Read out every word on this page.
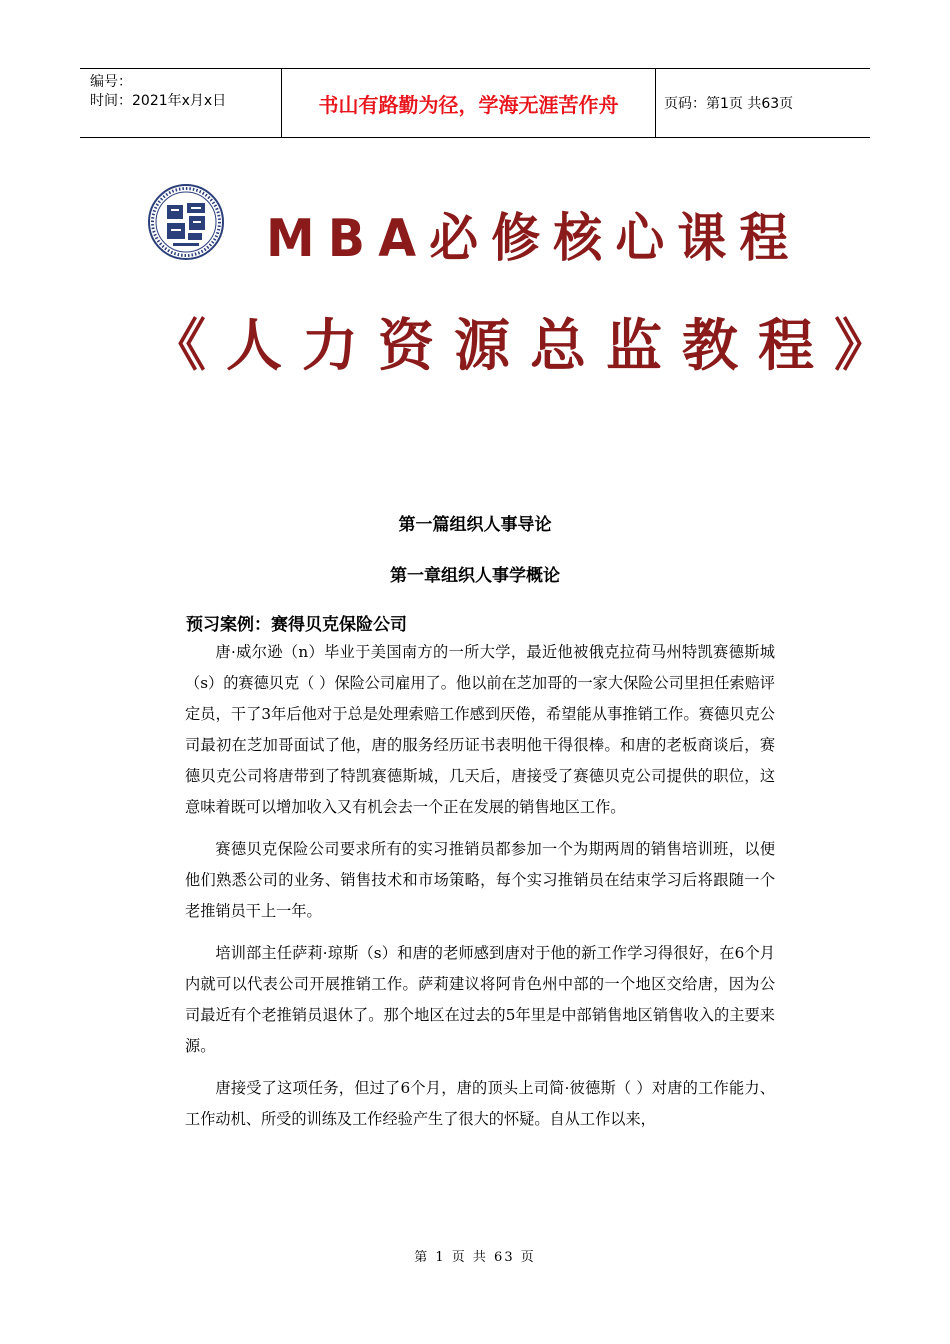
编号：
时间：2021年x月x日	书山有路勤为径，学海无涯苦作舟	页码：第1页 共63页
MBA必修核心课程
《人力资源总监教程》
第一篇组织人事导论
第一章组织人事学概论
预习案例：赛得贝克保险公司

唐·威尔逊（n）毕业于美国南方的一所大学，最近他被俄克拉荷马州特凯赛德斯城（s）的赛德贝克（ ）保险公司雇用了。他以前在芝加哥的一家大保险公司里担任索赔评定员，干了3年后他对于总是处理索赔工作感到厌倦，希望能从事推销工作。赛德贝克公司最初在芝加哥面试了他，唐的服务经历证书表明他干得很棒。和唐的老板商谈后，赛德贝克公司将唐带到了特凯赛德斯城，几天后，唐接受了赛德贝克公司提供的职位，这意味着既可以增加收入又有机会去一个正在发展的销售地区工作。

赛德贝克保险公司要求所有的实习推销员都参加一个为期两周的销售培训班，以便他们熟悉公司的业务、销售技术和市场策略，每个实习推销员在结束学习后将跟随一个老推销员干上一年。

培训部主任萨莉·琼斯（s）和唐的老师感到唐对于他的新工作学习得很好，在6个月内就可以代表公司开展推销工作。萨莉建议将阿肯色州中部的一个地区交给唐，因为公司最近有个老推销员退休了。那个地区在过去的5年里是中部销售地区销售收入的主要来源。

唐接受了这项任务，但过了6个月，唐的顶头上司简·彼德斯（ ）对唐的工作能力、工作动机、所受的训练及工作经验产生了很大的怀疑。自从工作以来，

第 1 页 共 63 页
